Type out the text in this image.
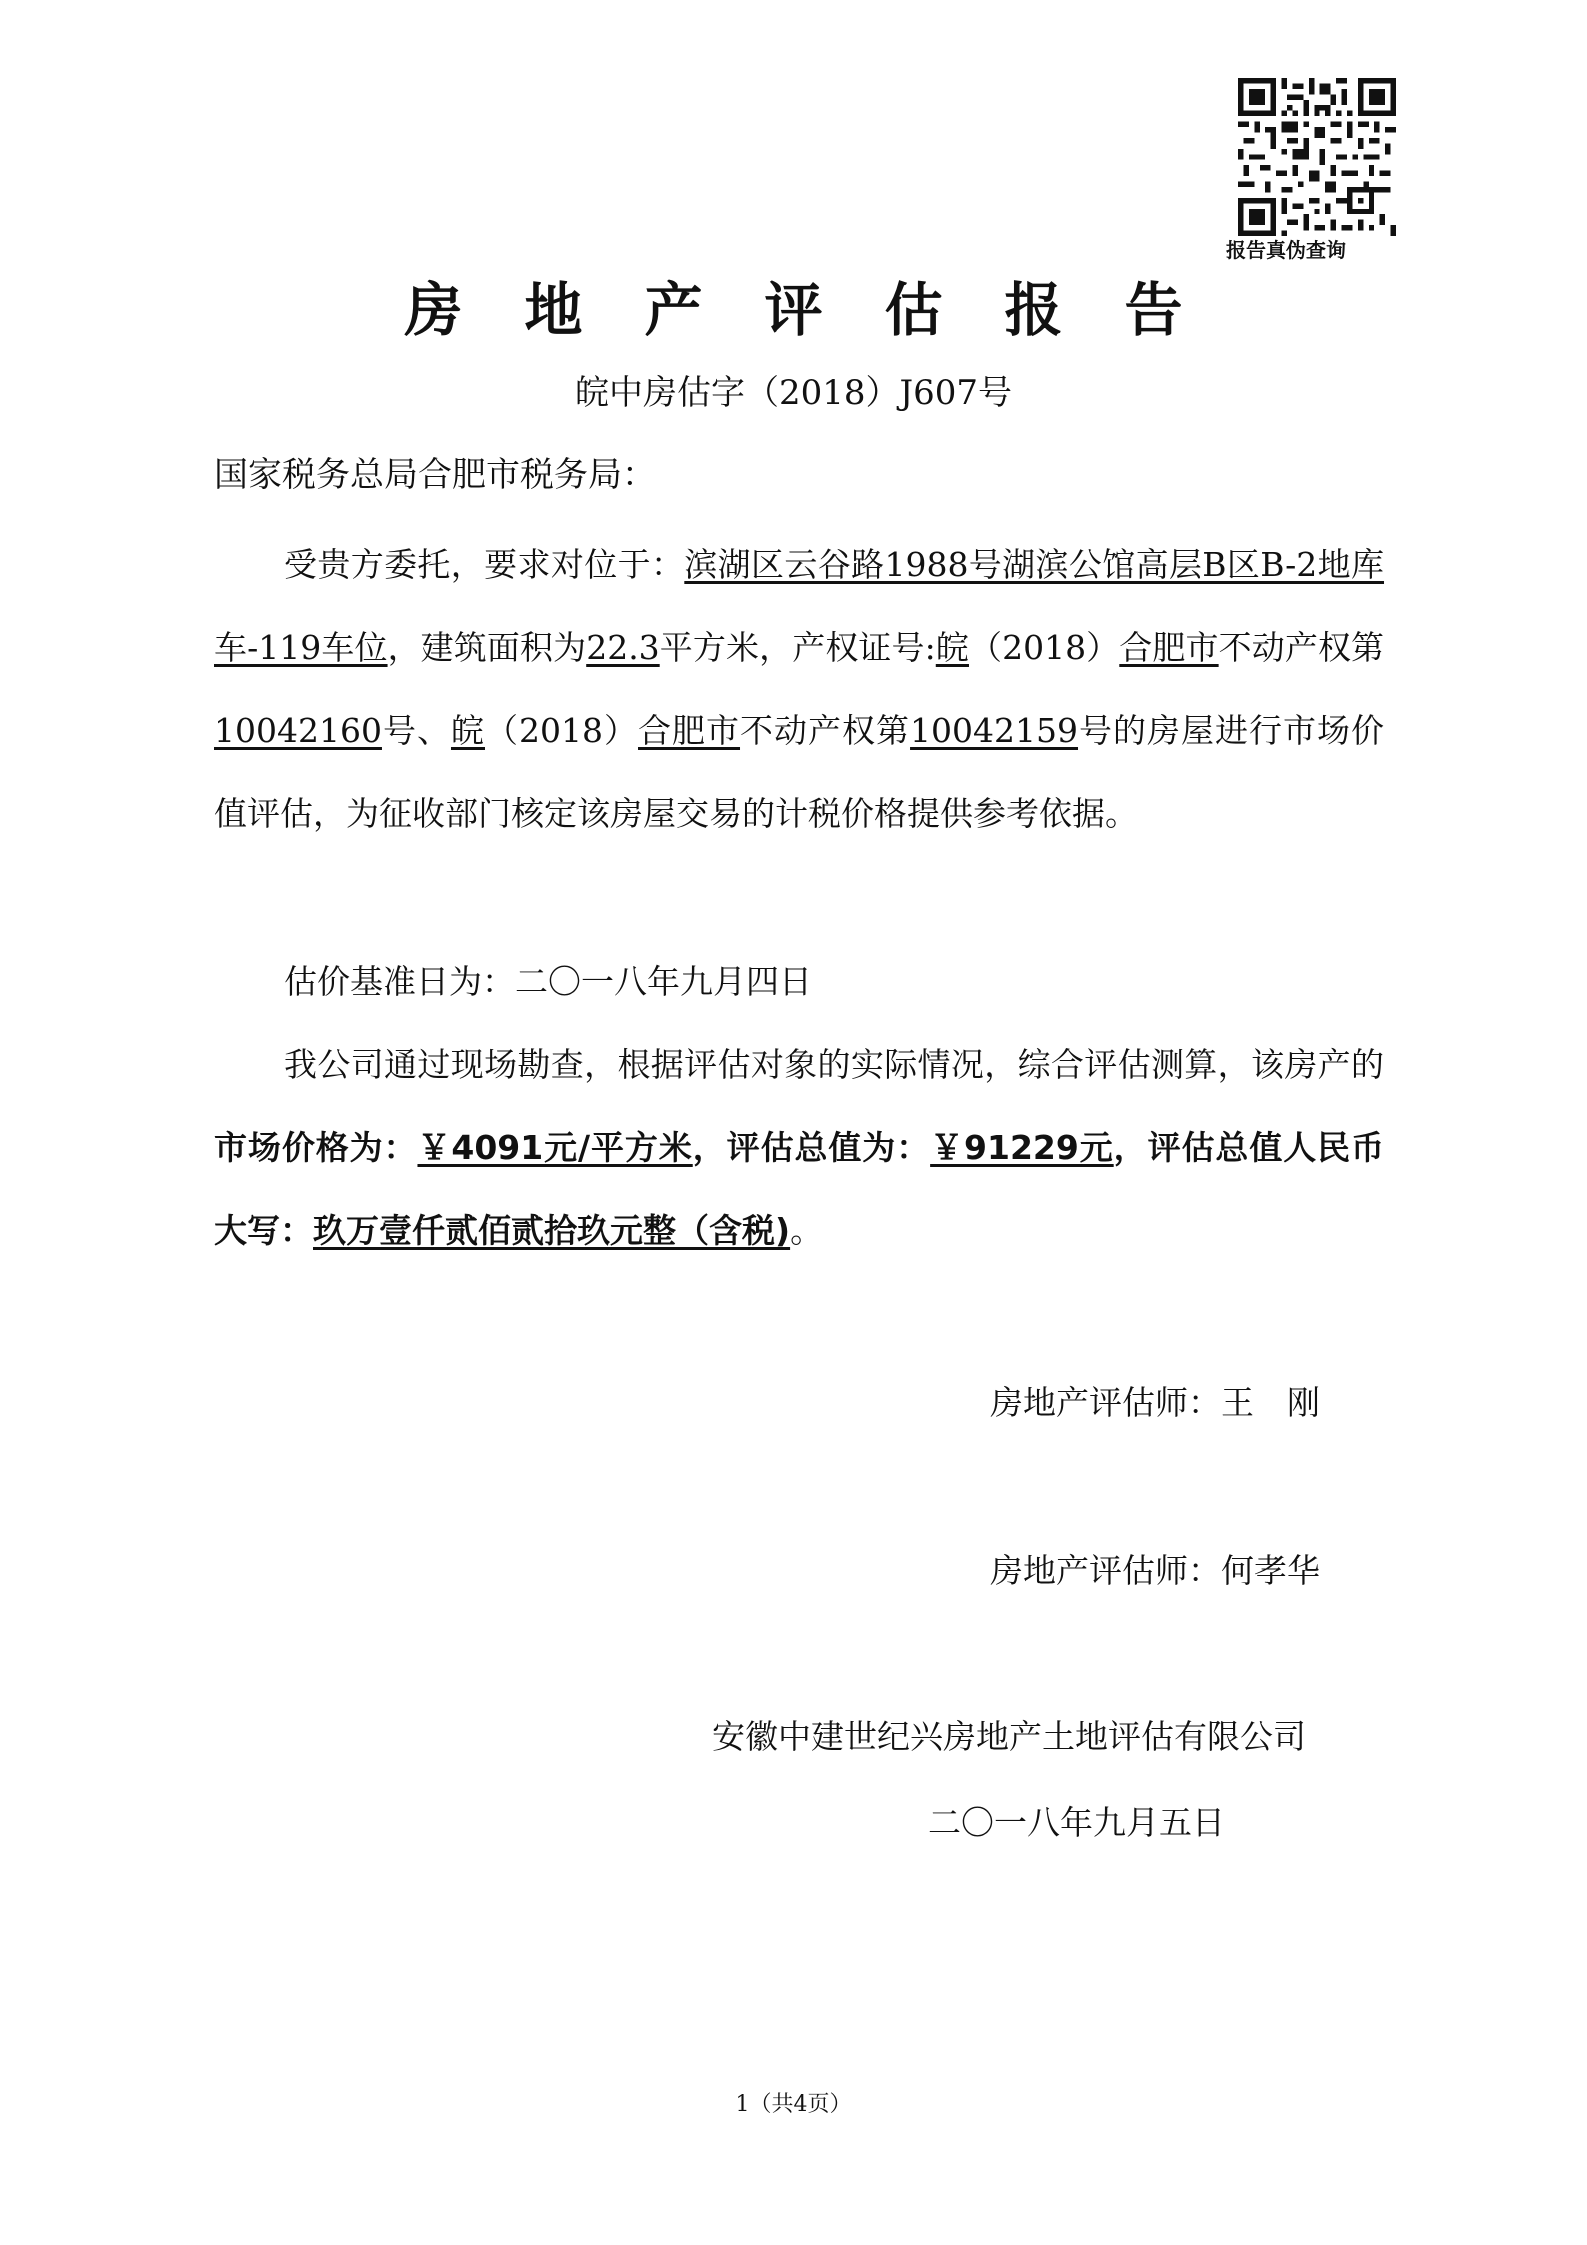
报告真伪查询
房地产评估报告
皖中房估字（2018）J607号
国家税务总局合肥市税务局：
受贵方委托，要求对位于：滨湖区云谷路1988号湖滨公馆高层B区B-2地库车-119车位，建筑面积为22.3平方米，产权证号:皖（2018）合肥市不动产权第10042160号、皖（2018）合肥市不动产权第10042159号的房屋进行市场价值评估，为征收部门核定该房屋交易的计税价格提供参考依据。
估价基准日为：二〇一八年九月四日
我公司通过现场勘查，根据评估对象的实际情况，综合评估测算，该房产的市场价格为：￥4091元/平方米，评估总值为：￥91229元，评估总值人民币大写：玖万壹仟贰佰贰拾玖元整（含税)。
房地产评估师：王　刚
房地产评估师：何孝华
安徽中建世纪兴房地产土地评估有限公司
二〇一八年九月五日
1（共4页）
